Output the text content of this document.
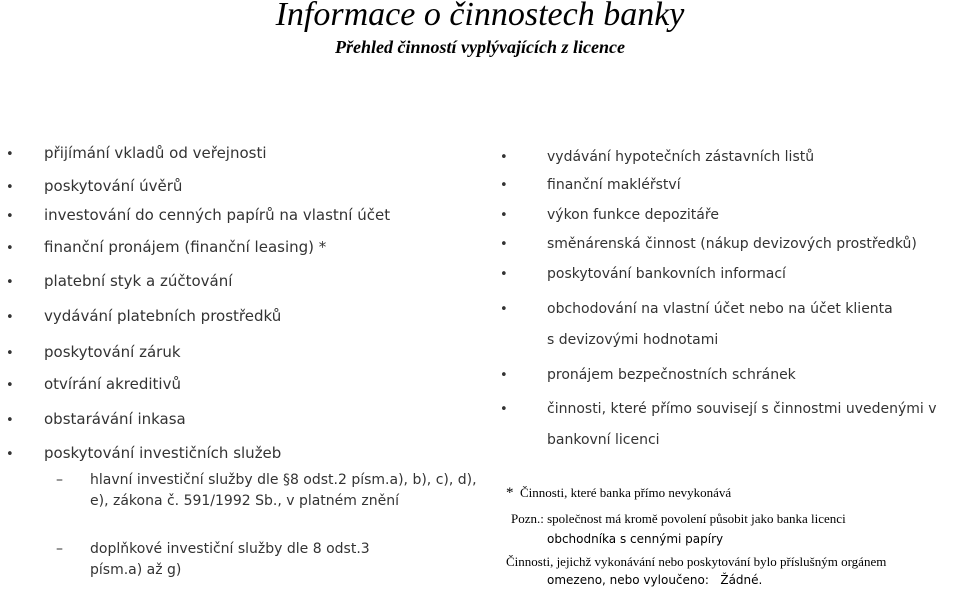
Informace o činnostech banky
Přehled činností vyplývajících z licence
• přijímání vkladů od veřejnosti
• poskytování úvěrů
• investování do cenných papírů na vlastní účet
• finanční pronájem (finanční leasing) *
• platební styk a zúčtování
• vydávání platebních prostředků
• poskytování záruk
• otvírání akreditivů
• obstarávání inkasa
• poskytování investičních služeb
– hlavní investiční služby dle §8 odst.2 písm.a), b), c), d), e), zákona č. 591/1992 Sb., v platném znění
– doplňkové investiční služby dle 8 odst.3 písm.a) až g)
•	vydávání hypotečních zástavních listů
•	finanční makléřství
•	výkon funkce depozitáře
•	směnárenská činnost (nákup devizových prostředků)
•	poskytování bankovních informací
•	obchodování na vlastní účet nebo na účet klienta
s devizovými hodnotami
•	pronájem bezpečnostních schránek
•	činnosti, které přímo souvisejí s činnostmi uvedenými v
bankovní licenci
* Činnosti, které banka přímo nevykonává
Pozn.: společnost má kromě povolení působit jako banka licenci
obchodníka s cennými papíry
Činnosti, jejichž vykonávání nebo poskytování bylo příslušným orgánem
omezeno, nebo vyloučeno: Žádné.
